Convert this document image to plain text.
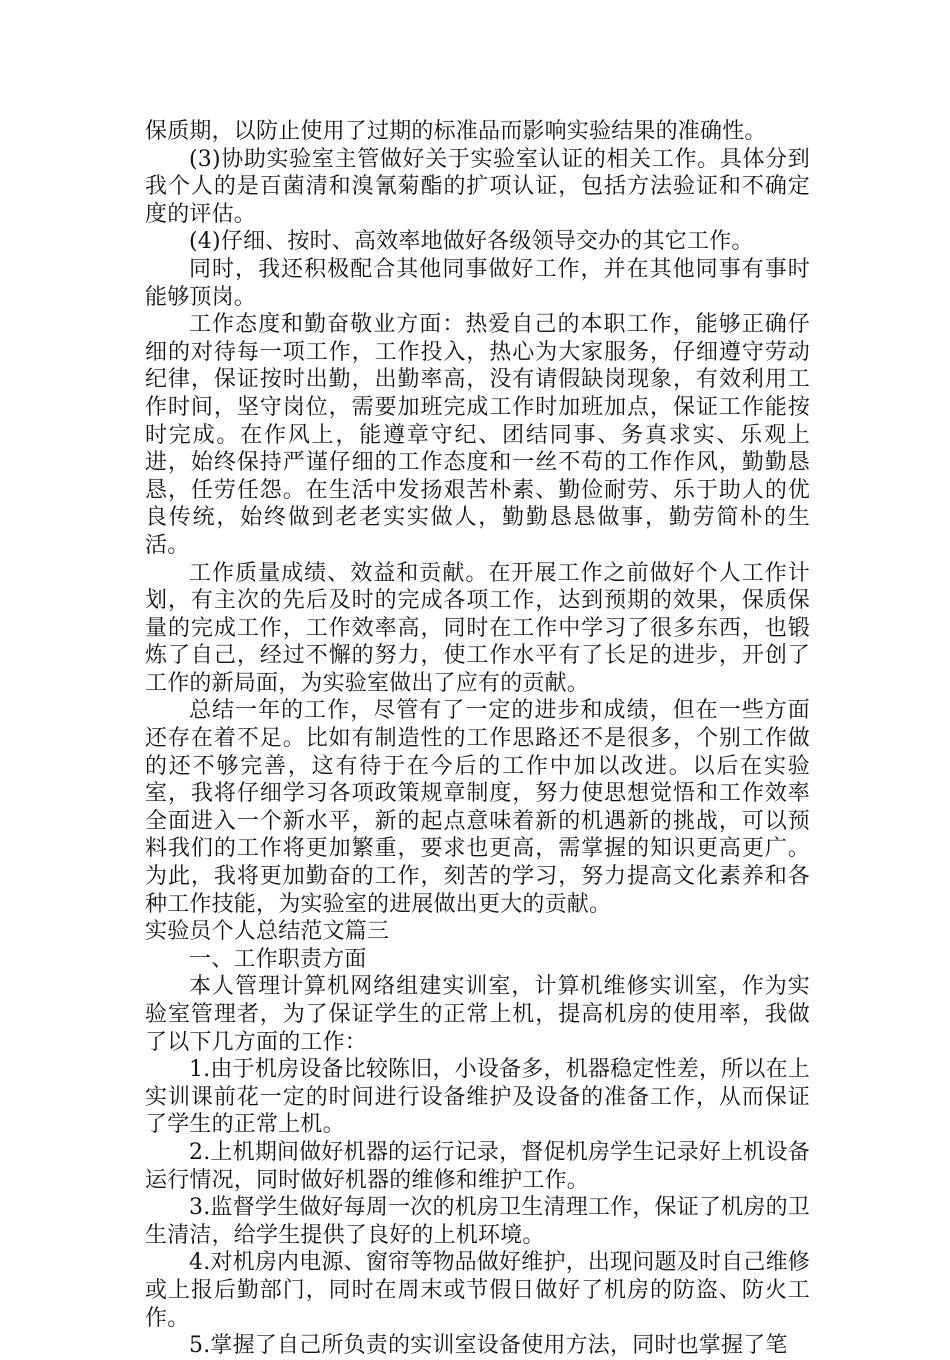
保质期，以防止使用了过期的标准品而影响实验结果的准确性。

(3)协助实验室主管做好关于实验室认证的相关工作。具体分到我个人的是百菌清和溴氰菊酯的扩项认证，包括方法验证和不确定度的评估。

(4)仔细、按时、高效率地做好各级领导交办的其它工作。

同时，我还积极配合其他同事做好工作，并在其他同事有事时能够顶岗。

工作态度和勤奋敬业方面：热爱自己的本职工作，能够正确仔细的对待每一项工作，工作投入，热心为大家服务，仔细遵守劳动纪律，保证按时出勤，出勤率高，没有请假缺岗现象，有效利用工作时间，坚守岗位，需要加班完成工作时加班加点，保证工作能按时完成。在作风上，能遵章守纪、团结同事、务真求实、乐观上进，始终保持严谨仔细的工作态度和一丝不苟的工作作风，勤勤恳恳，任劳任怨。在生活中发扬艰苦朴素、勤俭耐劳、乐于助人的优良传统，始终做到老老实实做人，勤勤恳恳做事，勤劳简朴的生活。

工作质量成绩、效益和贡献。在开展工作之前做好个人工作计划，有主次的先后及时的完成各项工作，达到预期的效果，保质保量的完成工作，工作效率高，同时在工作中学习了很多东西，也锻炼了自己，经过不懈的努力，使工作水平有了长足的进步，开创了工作的新局面，为实验室做出了应有的贡献。

总结一年的工作，尽管有了一定的进步和成绩，但在一些方面还存在着不足。比如有制造性的工作思路还不是很多，个别工作做的还不够完善，这有待于在今后的工作中加以改进。以后在实验室，我将仔细学习各项政策规章制度，努力使思想觉悟和工作效率全面进入一个新水平，新的起点意味着新的机遇新的挑战，可以预料我们的工作将更加繁重，要求也更高，需掌握的知识更高更广。为此，我将更加勤奋的工作，刻苦的学习，努力提高文化素养和各种工作技能，为实验室的进展做出更大的贡献。

实验员个人总结范文篇三

一、工作职责方面

本人管理计算机网络组建实训室，计算机维修实训室，作为实验室管理者，为了保证学生的正常上机，提高机房的使用率，我做了以下几方面的工作：

1.由于机房设备比较陈旧，小设备多，机器稳定性差，所以在上实训课前花一定的时间进行设备维护及设备的准备工作，从而保证了学生的正常上机。

2.上机期间做好机器的运行记录，督促机房学生记录好上机设备运行情况，同时做好机器的维修和维护工作。

3.监督学生做好每周一次的机房卫生清理工作，保证了机房的卫生清洁，给学生提供了良好的上机环境。

4.对机房内电源、窗帘等物品做好维护，出现问题及时自己维修或上报后勤部门，同时在周末或节假日做好了机房的防盗、防火工作。

5.掌握了自己所负责的实训室设备使用方法，同时也掌握了笔
